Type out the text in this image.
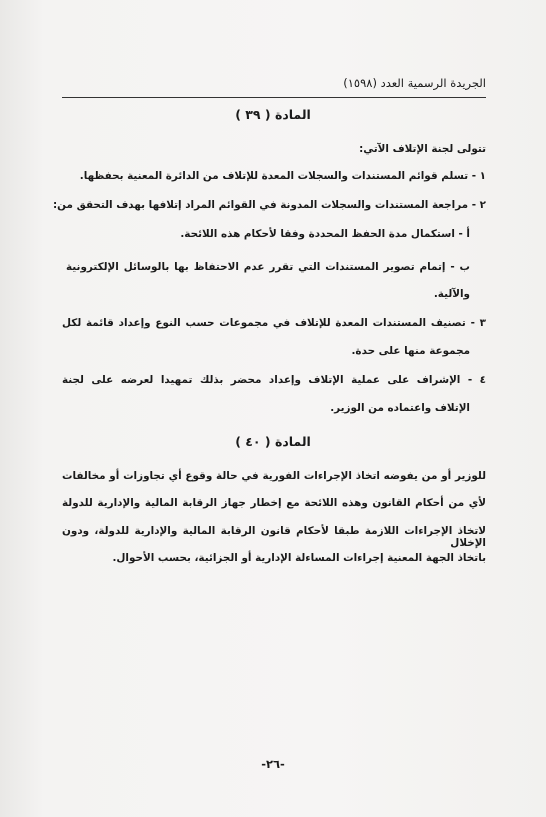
الجريدة الرسمية العدد (١٥٩٨)
المادة ( ٣٩ )
تتولى لجنة الإتلاف الآتي:
١ - تسلم قوائم المستندات والسجلات المعدة للإتلاف من الدائرة المعنية بحفظها.
٢ - مراجعة المستندات والسجلات المدونة في القوائم المراد إتلافها بهدف التحقق من:
أ - استكمال مدة الحفظ المحددة وفقا لأحكام هذه اللائحة.
ب - إتمام تصوير المستندات التي تقرر عدم الاحتفاظ بها بالوسائل الإلكترونية
والآلية.
٣ - تصنيف المستندات المعدة للإتلاف في مجموعات حسب النوع وإعداد قائمة لكل
مجموعة منها على حدة.
٤ - الإشراف على عملية الإتلاف وإعداد محضر بذلك تمهيدا لعرضه على لجنة
الإتلاف واعتماده من الوزير.
المادة ( ٤٠ )
للوزير أو من يفوضه اتخاذ الإجراءات الفورية في حالة وقوع أي تجاوزات أو مخالفات
لأي من أحكام القانون وهذه اللائحة مع إخطار جهاز الرقابة المالية والإدارية للدولة
لاتخاذ الإجراءات اللازمة طبقا لأحكام قانون الرقابة المالية والإدارية للدولة، ودون الإخلال
باتخاذ الجهة المعنية إجراءات المساءلة الإدارية أو الجزائية، بحسب الأحوال.
-٢٦-
